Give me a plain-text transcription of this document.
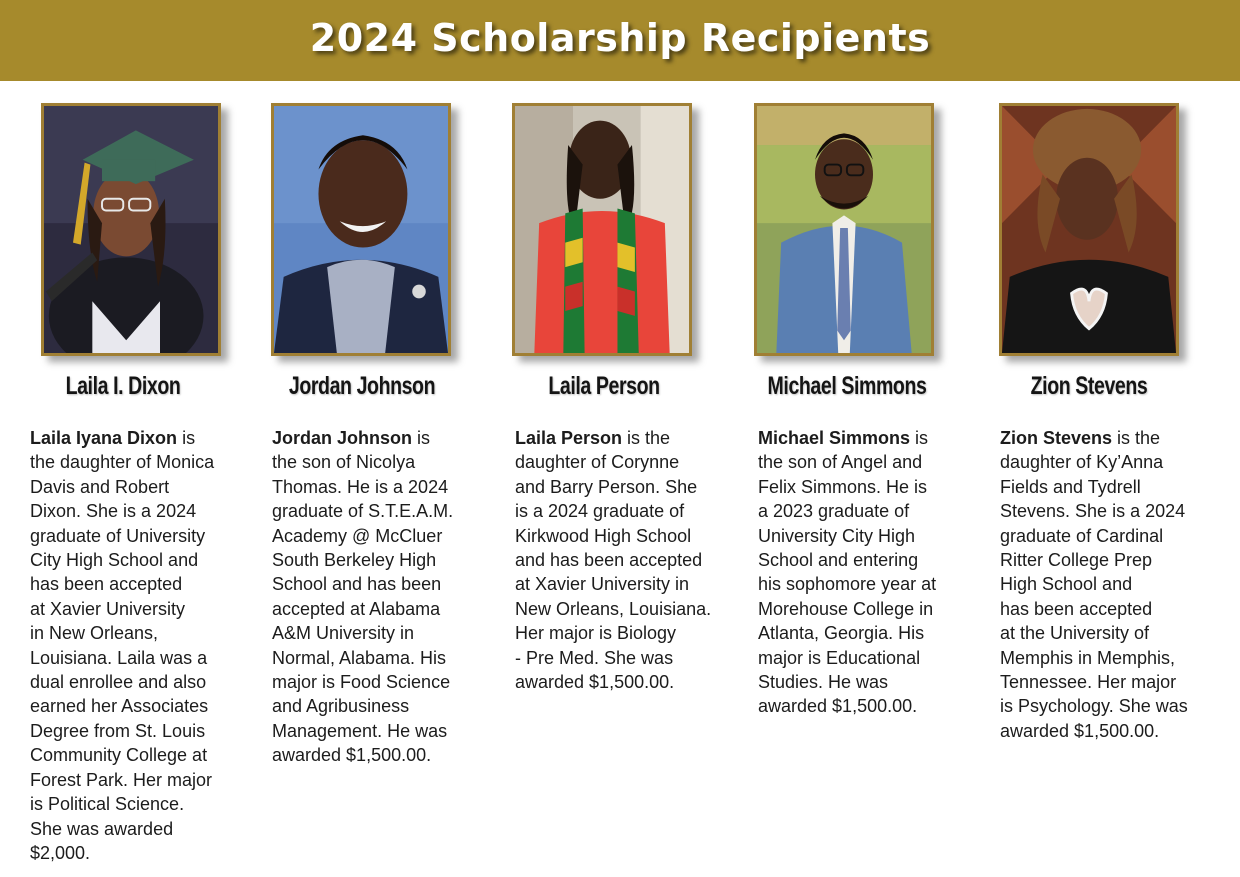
2024 Scholarship Recipients

Laila I. Dixon

Laila Iyana Dixon is
the daughter of Monica
Davis and Robert
Dixon. She is a 2024
graduate of University
City High School and
has been accepted
at Xavier University
in New Orleans,
Louisiana. Laila was a
dual enrollee and also
earned her Associates
Degree from St. Louis
Community College at
Forest Park. Her major
is Political Science.
She was awarded
$2,000.

Jordan Johnson

Jordan Johnson is
the son of Nicolya
Thomas. He is a 2024
graduate of S.T.E.A.M.
Academy @ McCluer
South Berkeley High
School and has been
accepted at Alabama
A&M University in
Normal, Alabama. His
major is Food Science
and Agribusiness
Management. He was
awarded $1,500.00.

Laila Person

Laila Person is the
daughter of Corynne
and Barry Person. She
is a 2024 graduate of
Kirkwood High School
and has been accepted
at Xavier University in
New Orleans, Louisiana.
Her major is Biology
- Pre Med. She was
awarded $1,500.00.

Michael Simmons

Michael Simmons is
the son of Angel and
Felix Simmons. He is
a 2023 graduate of
University City High
School and entering
his sophomore year at
Morehouse College in
Atlanta, Georgia. His
major is Educational
Studies. He was
awarded $1,500.00.

Zion Stevens

Zion Stevens is the
daughter of Ky’Anna
Fields and Tydrell
Stevens. She is a 2024
graduate of Cardinal
Ritter College Prep
High School and
has been accepted
at the University of
Memphis in Memphis,
Tennessee. Her major
is Psychology. She was
awarded $1,500.00.
